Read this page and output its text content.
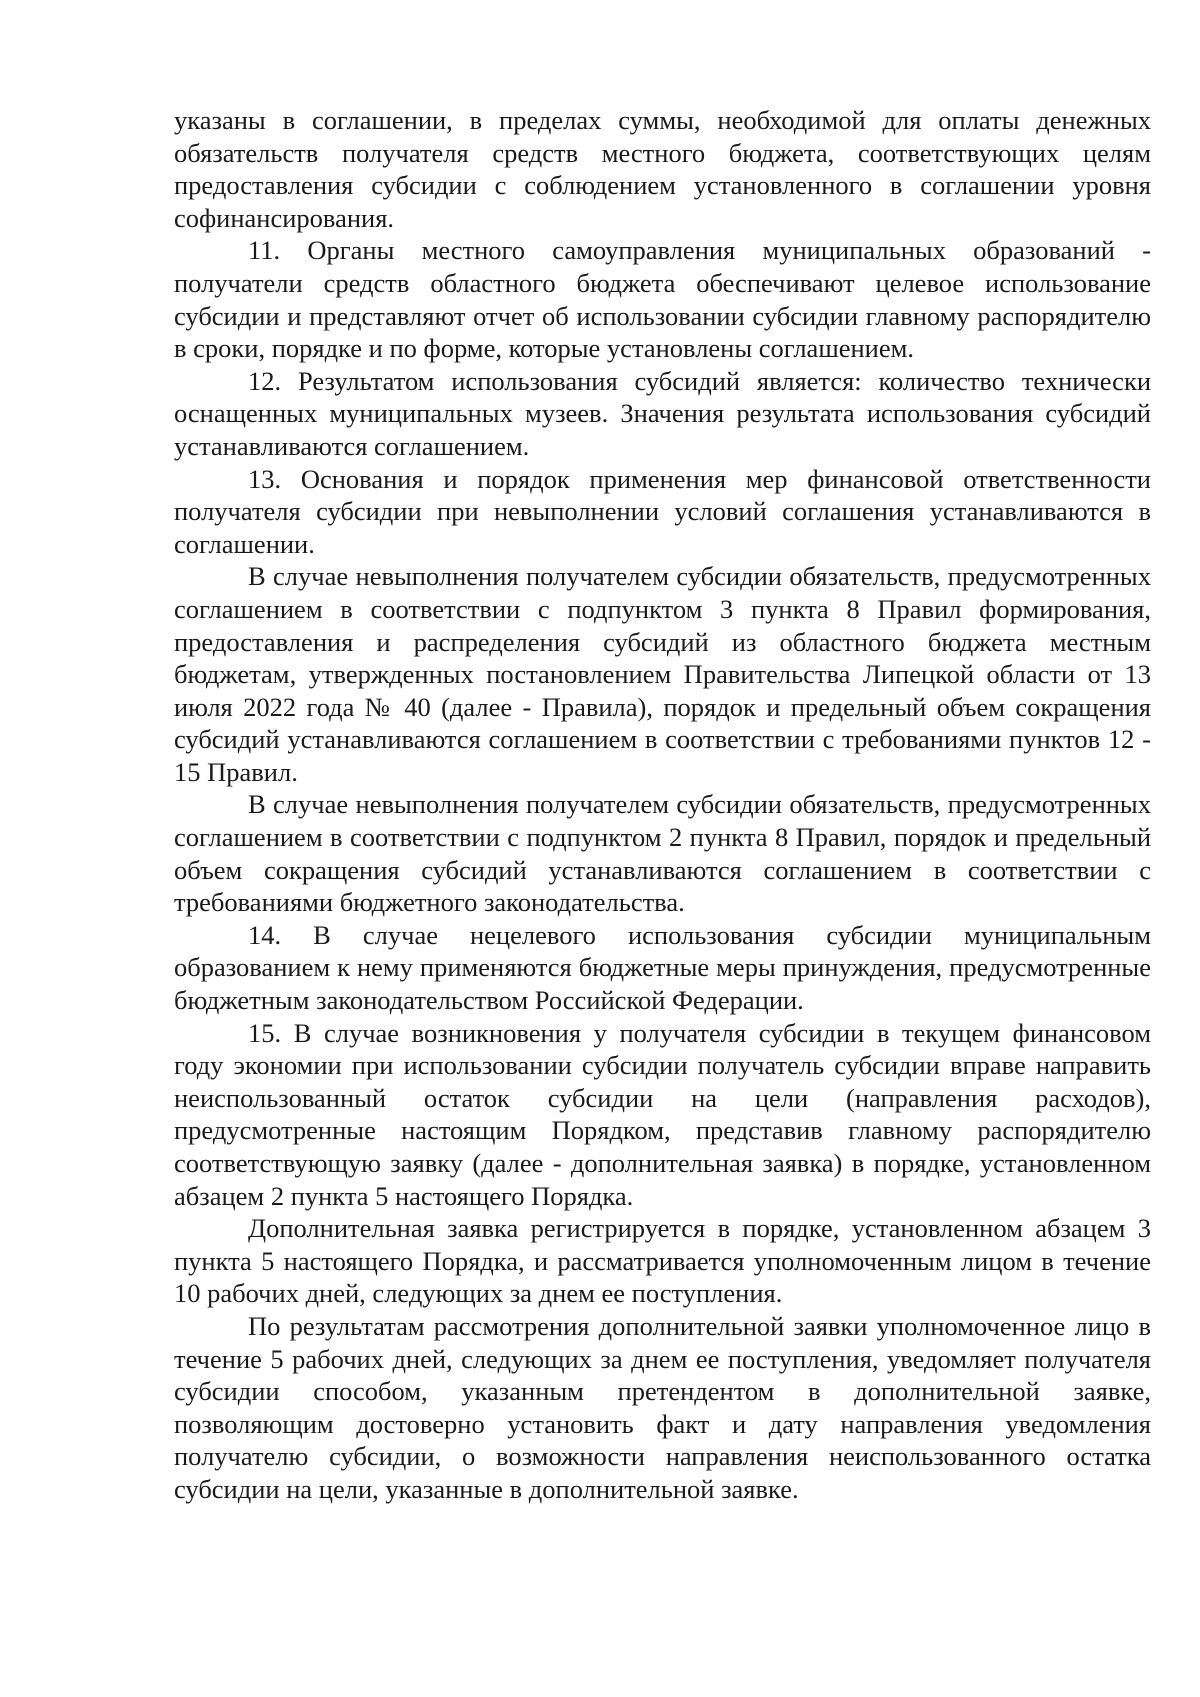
указаны в соглашении, в пределах суммы, необходимой для оплаты денежных обязательств получателя средств местного бюджета, соответствующих целям предоставления субсидии с соблюдением установленного в соглашении уровня софинансирования.

11. Органы местного самоуправления муниципальных образований - получатели средств областного бюджета обеспечивают целевое использование субсидии и представляют отчет об использовании субсидии главному распорядителю в сроки, порядке и по форме, которые установлены соглашением.

12. Результатом использования субсидий является: количество технически оснащенных муниципальных музеев. Значения результата использования субсидий устанавливаются соглашением.

13. Основания и порядок применения мер финансовой ответственности получателя субсидии при невыполнении условий соглашения устанавливаются в соглашении.

В случае невыполнения получателем субсидии обязательств, предусмотренных соглашением в соответствии с подпунктом 3 пункта 8 Правил формирования, предоставления и распределения субсидий из областного бюджета местным бюджетам, утвержденных постановлением Правительства Липецкой области от 13 июля 2022 года № 40 (далее - Правила), порядок и предельный объем сокращения субсидий устанавливаются соглашением в соответствии с требованиями пунктов 12 - 15 Правил.

В случае невыполнения получателем субсидии обязательств, предусмотренных соглашением в соответствии с подпунктом 2 пункта 8 Правил, порядок и предельный объем сокращения субсидий устанавливаются соглашением в соответствии с требованиями бюджетного законодательства.

14. В случае нецелевого использования субсидии муниципальным образованием к нему применяются бюджетные меры принуждения, предусмотренные бюджетным законодательством Российской Федерации.

15. В случае возникновения у получателя субсидии в текущем финансовом году экономии при использовании субсидии получатель субсидии вправе направить неиспользованный остаток субсидии на цели (направления расходов), предусмотренные настоящим Порядком, представив главному распорядителю соответствующую заявку (далее - дополнительная заявка) в порядке, установленном абзацем 2 пункта 5 настоящего Порядка.

Дополнительная заявка регистрируется в порядке, установленном абзацем 3 пункта 5 настоящего Порядка, и рассматривается уполномоченным лицом в течение 10 рабочих дней, следующих за днем ее поступления.

По результатам рассмотрения дополнительной заявки уполномоченное лицо в течение 5 рабочих дней, следующих за днем ее поступления, уведомляет получателя субсидии способом, указанным претендентом в дополнительной заявке, позволяющим достоверно установить факт и дату направления уведомления получателю субсидии, о возможности направления неиспользованного остатка субсидии на цели, указанные в дополнительной заявке.
